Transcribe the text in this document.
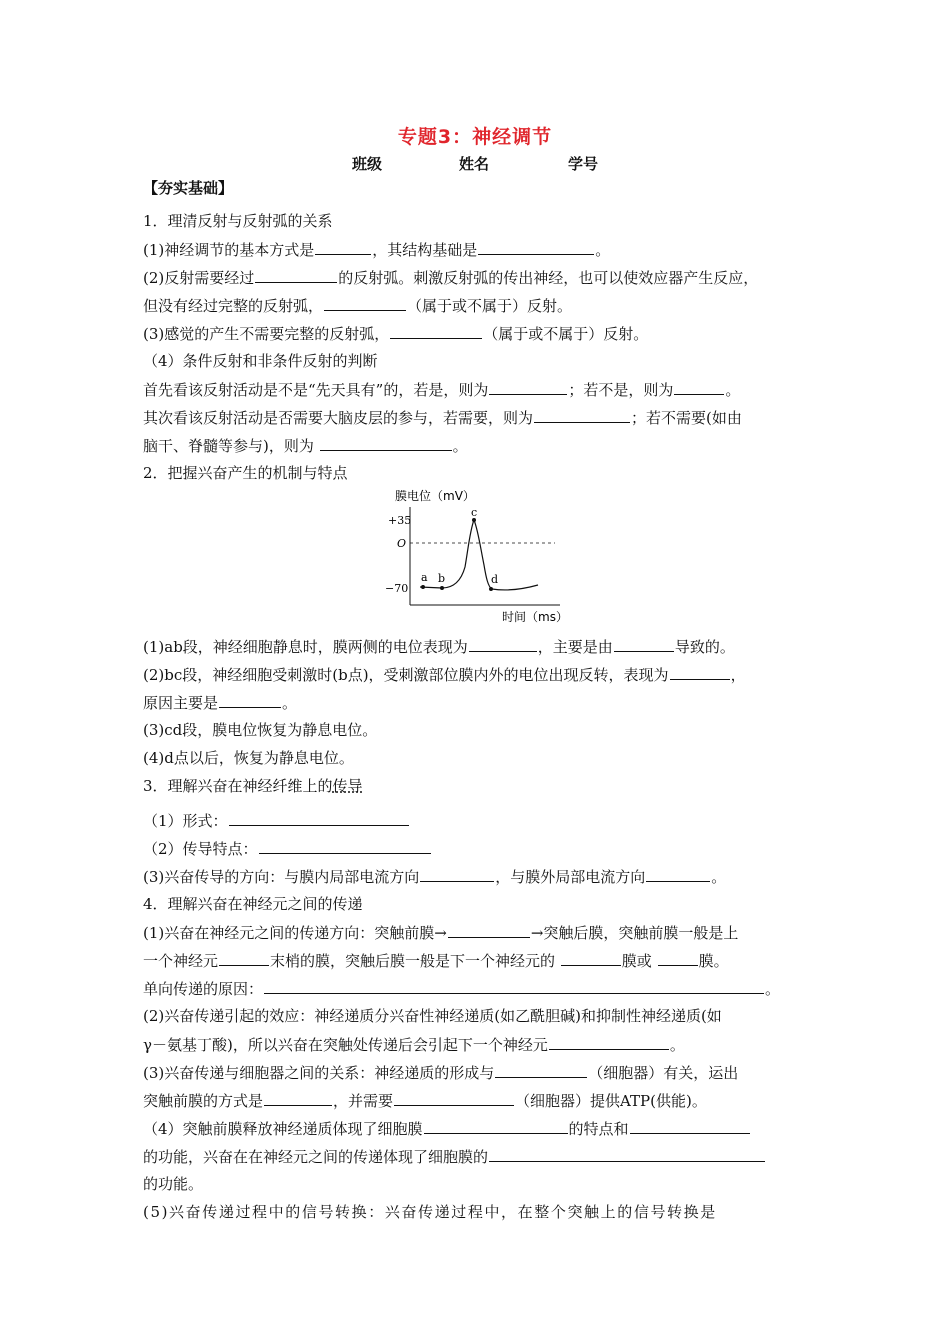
专题3：神经调节
班级	姓名	学号
【夯实基础】
1．理清反射与反射弧的关系
(1)神经调节的基本方式是	，其结构基础是	。
(2)反射需要经过	的反射弧。刺激反射弧的传出神经，也可以使效应器产生反应，
但没有经过完整的反射弧，	（属于或不属于）反射。
(3)感觉的产生不需要完整的反射弧，	（属于或不属于）反射。
（4）条件反射和非条件反射的判断
首先看该反射活动是不是“先天具有”的，若是，则为	；若不是，则为	。
其次看该反射活动是否需要大脑皮层的参与，若需要，则为	；若不需要(如由
脑干、脊髓等参与)，则为	。
2．把握兴奋产生的机制与特点
膜电位（mV）
+35
O
−70
a b
c
d
时间（ms）
(1)ab段，神经细胞静息时，膜两侧的电位表现为	，主要是由	导致的。
(2)bc段，神经细胞受刺激时(b点)，受刺激部位膜内外的电位出现反转，表现为	，
原因主要是	。
(3)cd段，膜电位恢复为静息电位。
(4)d点以后，恢复为静息电位。
3．理解兴奋在神经纤维上的传导
（1）形式：
（2）传导特点：
(3)兴奋传导的方向：与膜内局部电流方向	，与膜外局部电流方向	。
4．理解兴奋在神经元之间的传递
(1)兴奋在神经元之间的传递方向：突触前膜→	→突触后膜，突触前膜一般是上
一个神经元	末梢的膜，突触后膜一般是下一个神经元的	膜或	膜。
单向传递的原因：	。
(2)兴奋传递引起的效应：神经递质分兴奋性神经递质(如乙酰胆碱)和抑制性神经递质(如
γ－氨基丁酸)，所以兴奋在突触处传递后会引起下一个神经元	。
(3)兴奋传递与细胞器之间的关系：神经递质的形成与	（细胞器）有关，运出
突触前膜的方式是	，并需要	（细胞器）提供ATP(供能)。
（4）突触前膜释放神经递质体现了细胞膜	的特点和
的功能，兴奋在在神经元之间的传递体现了细胞膜的
的功能。
(5)兴奋传递过程中的信号转换：兴奋传递过程中，在整个突触上的信号转换是
